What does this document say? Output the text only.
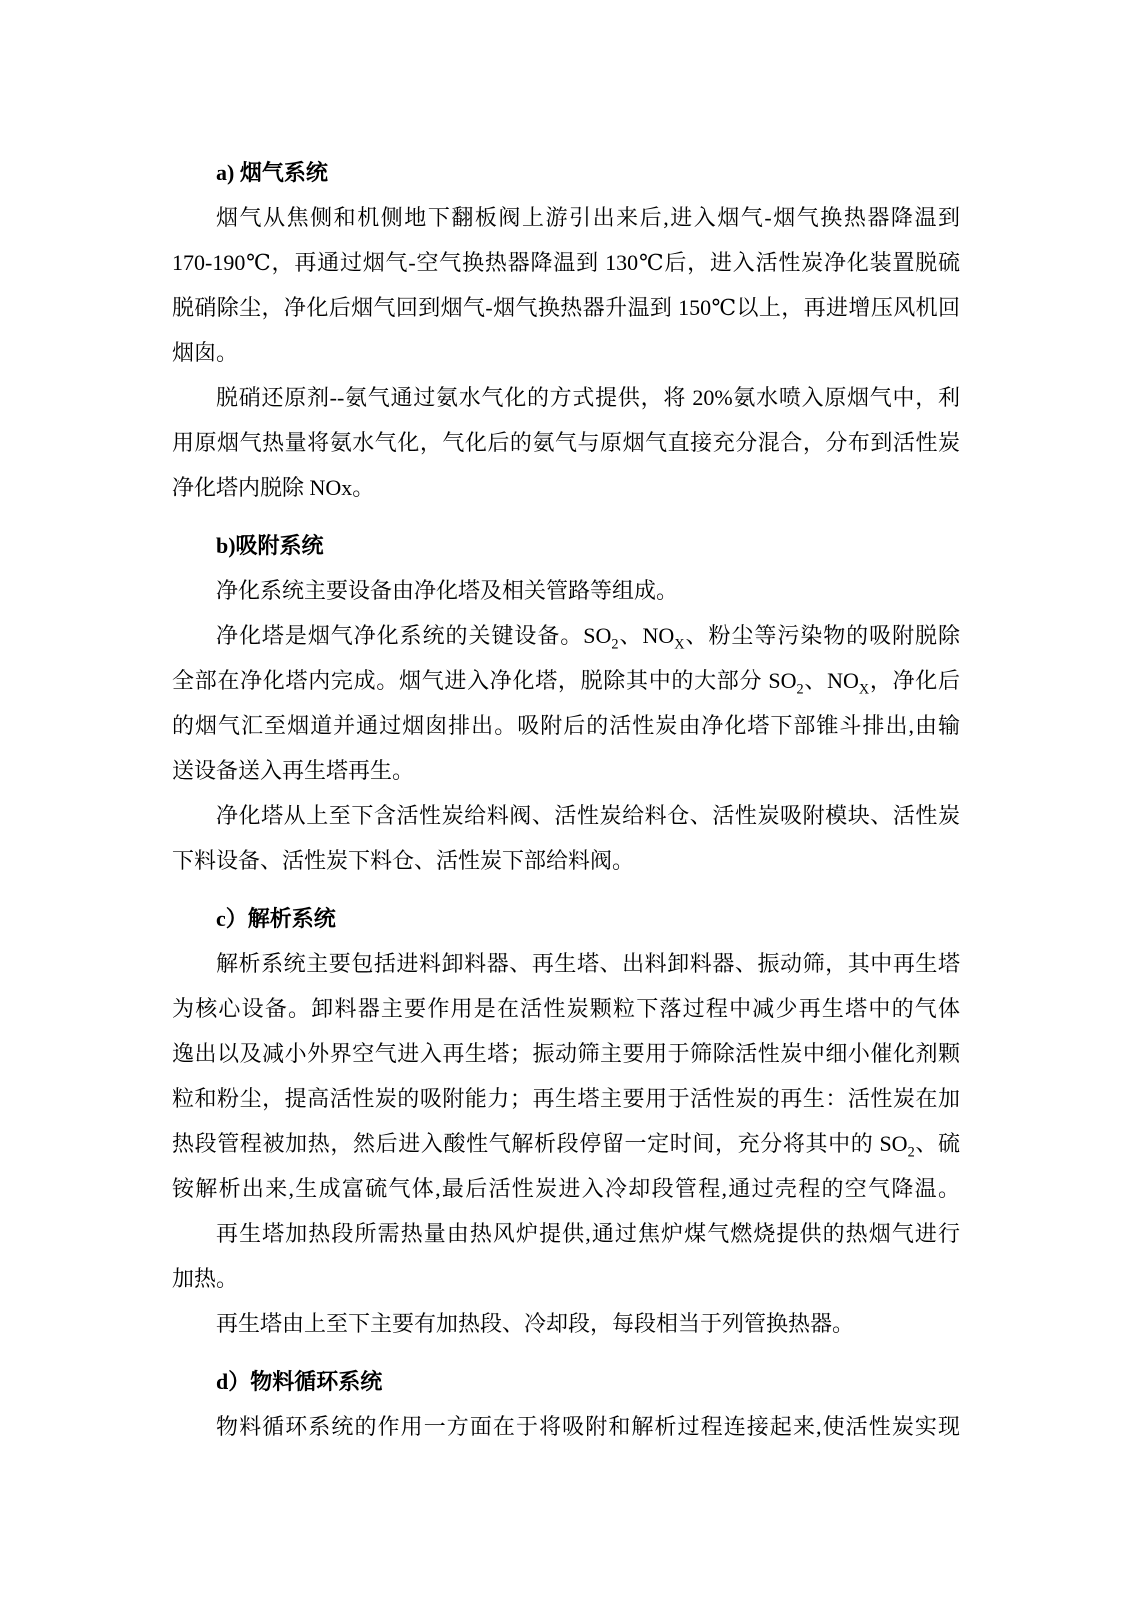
a) 烟气系统
烟气从焦侧和机侧地下翻板阀上游引出来后,进入烟气-烟气换热器降温到
170-190℃，再通过烟气-空气换热器降温到 130℃后，进入活性炭净化装置脱硫
脱硝除尘，净化后烟气回到烟气-烟气换热器升温到 150℃以上，再进增压风机回
烟囱。
脱硝还原剂--氨气通过氨水气化的方式提供，将 20%氨水喷入原烟气中，利
用原烟气热量将氨水气化，气化后的氨气与原烟气直接充分混合，分布到活性炭
净化塔内脱除 NOx。
b)吸附系统
净化系统主要设备由净化塔及相关管路等组成。
净化塔是烟气净化系统的关键设备。$SO_2$、$NO_X$、粉尘等污染物的吸附脱除
全部在净化塔内完成。烟气进入净化塔，脱除其中的大部分 $SO_2$、$NO_X$，净化后
的烟气汇至烟道并通过烟囱排出。吸附后的活性炭由净化塔下部锥斗排出,由输
送设备送入再生塔再生。
净化塔从上至下含活性炭给料阀、活性炭给料仓、活性炭吸附模块、活性炭
下料设备、活性炭下料仓、活性炭下部给料阀。
c）解析系统
解析系统主要包括进料卸料器、再生塔、出料卸料器、振动筛，其中再生塔
为核心设备。卸料器主要作用是在活性炭颗粒下落过程中减少再生塔中的气体
逸出以及减小外界空气进入再生塔；振动筛主要用于筛除活性炭中细小催化剂颗
粒和粉尘，提高活性炭的吸附能力；再生塔主要用于活性炭的再生：活性炭在加
热段管程被加热，然后进入酸性气解析段停留一定时间，充分将其中的 $SO_2$、硫
铵解析出来,生成富硫气体,最后活性炭进入冷却段管程,通过壳程的空气降温。
再生塔加热段所需热量由热风炉提供,通过焦炉煤气燃烧提供的热烟气进行
加热。
再生塔由上至下主要有加热段、冷却段，每段相当于列管换热器。
d）物料循环系统
物料循环系统的作用一方面在于将吸附和解析过程连接起来,使活性炭实现
